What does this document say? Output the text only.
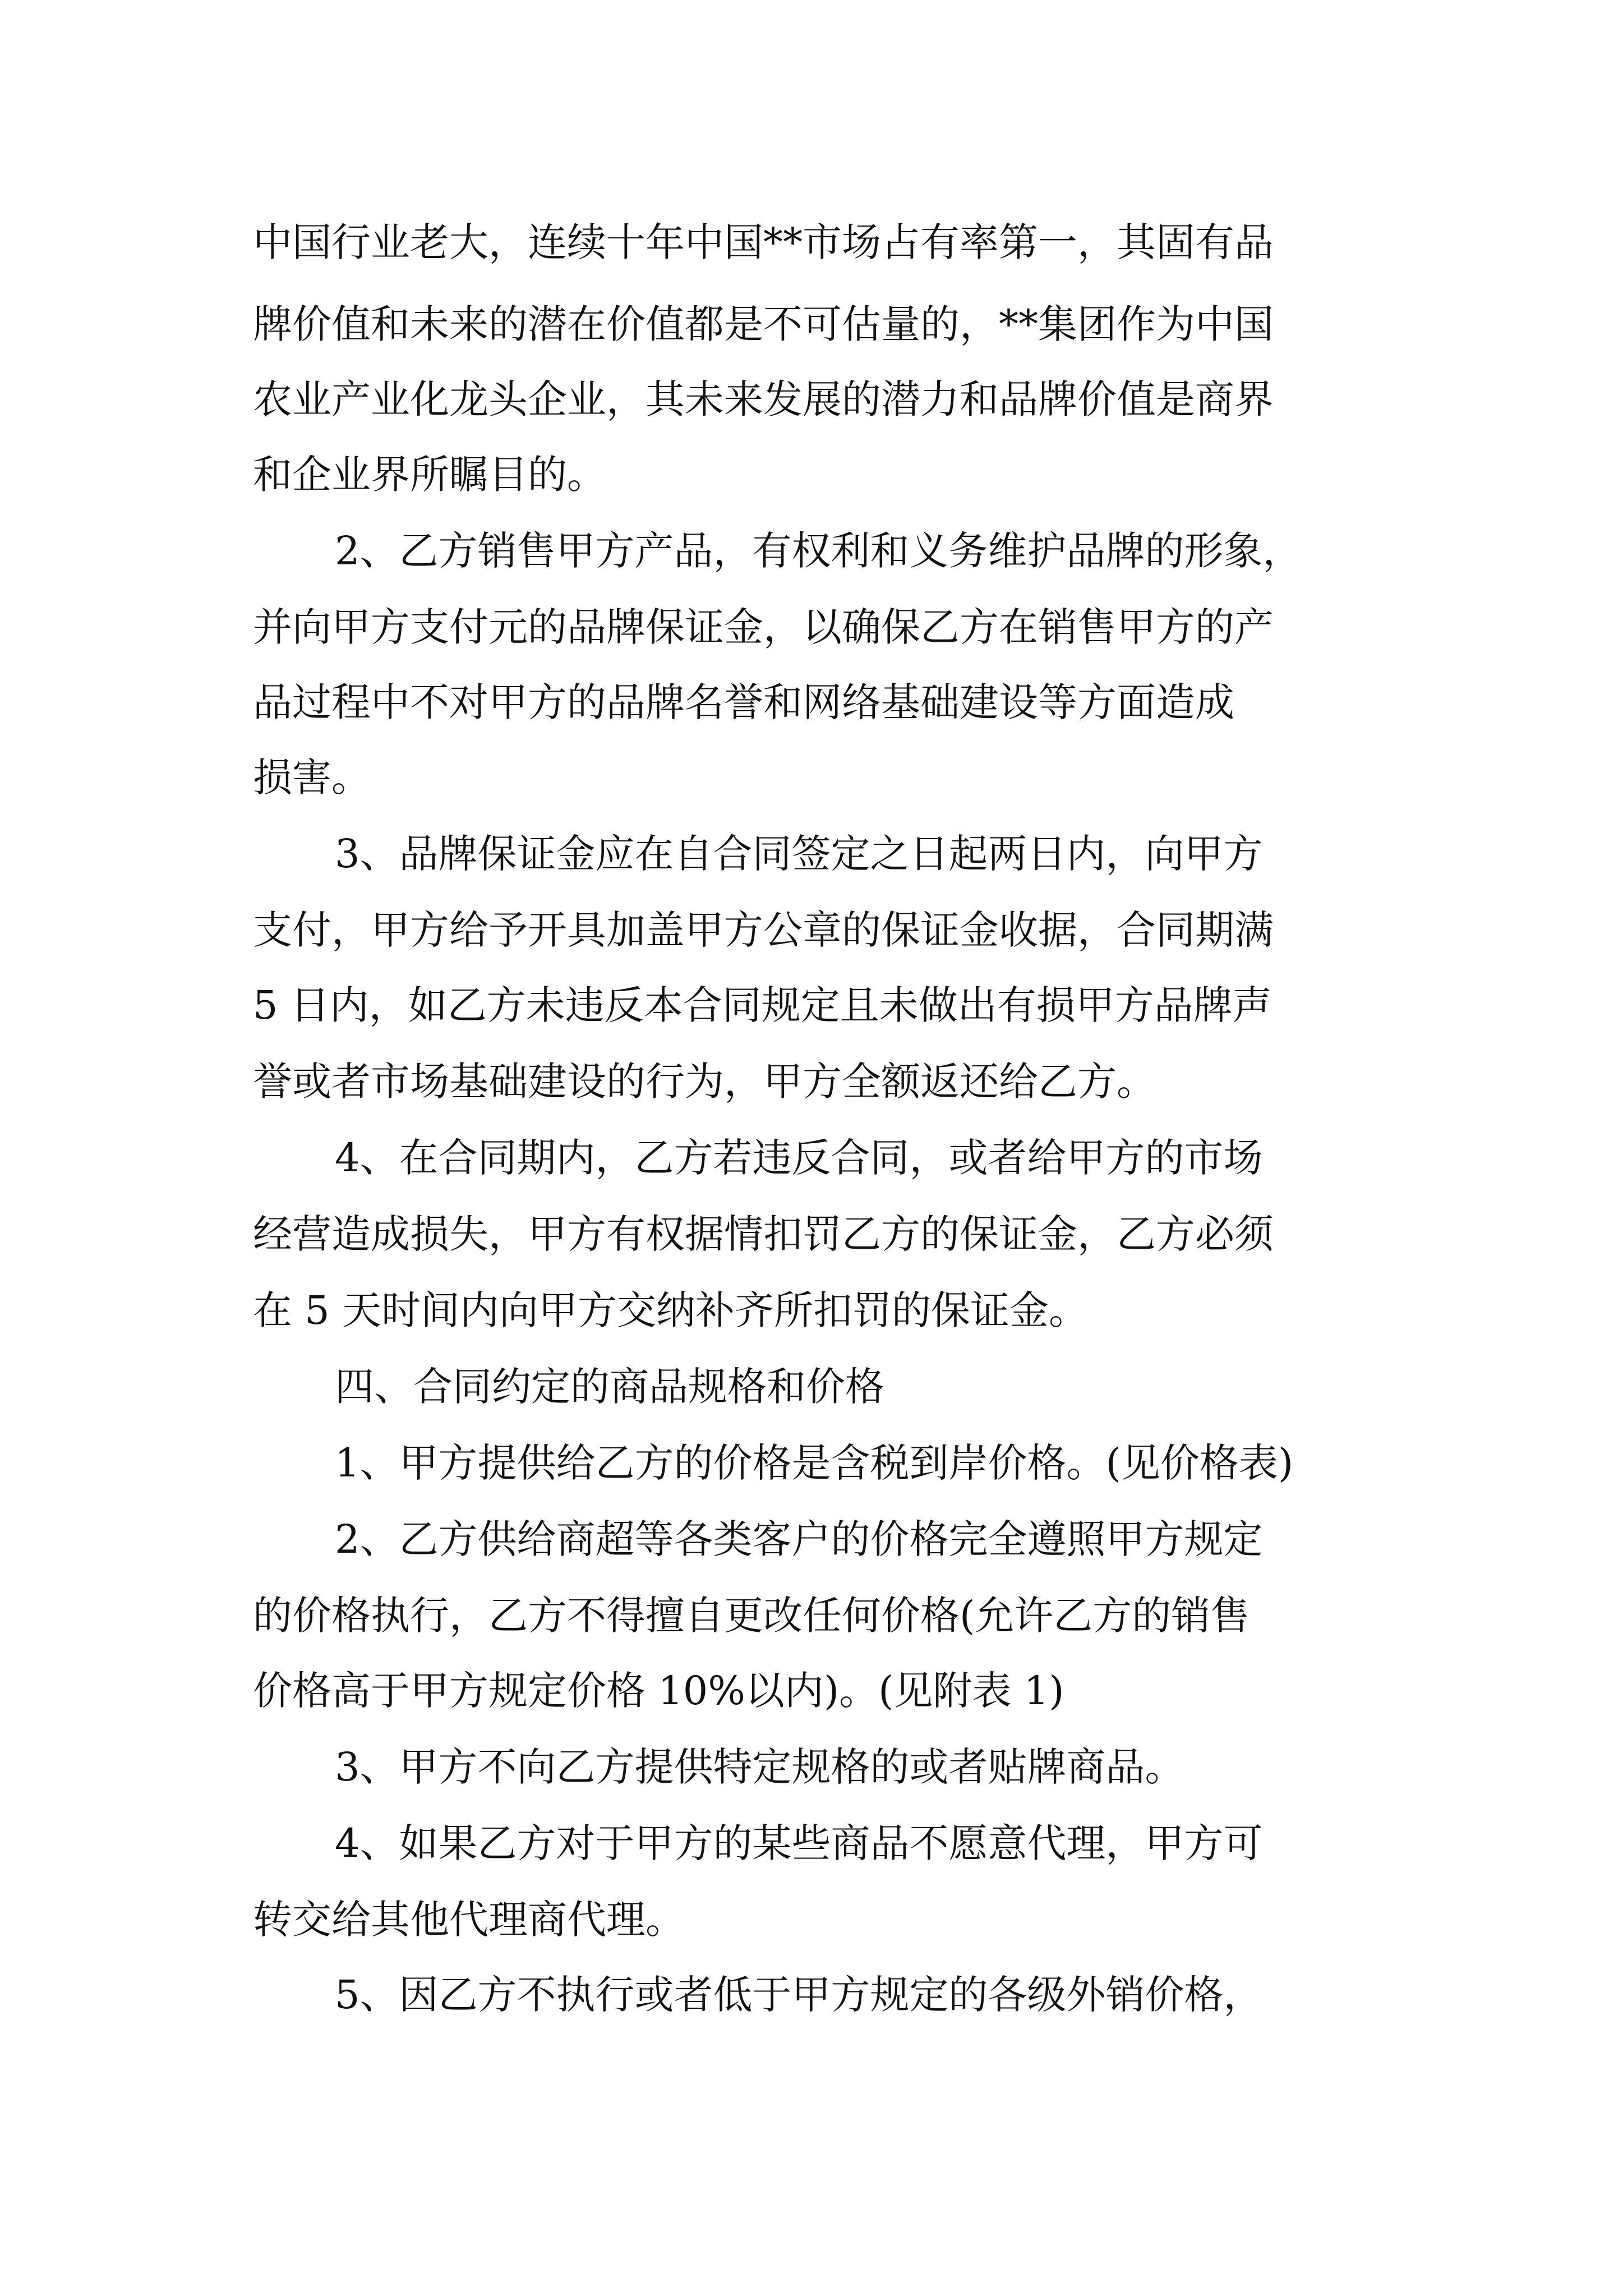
中国行业老大，连续十年中国**市场占有率第一，其固有品
牌价值和未来的潜在价值都是不可估量的，**集团作为中国
农业产业化龙头企业，其未来发展的潜力和品牌价值是商界
和企业界所瞩目的。
2、乙方销售甲方产品，有权利和义务维护品牌的形象，
并向甲方支付元的品牌保证金，以确保乙方在销售甲方的产
品过程中不对甲方的品牌名誉和网络基础建设等方面造成
损害。
3、品牌保证金应在自合同签定之日起两日内，向甲方
支付，甲方给予开具加盖甲方公章的保证金收据，合同期满
5 日内，如乙方未违反本合同规定且未做出有损甲方品牌声
誉或者市场基础建设的行为，甲方全额返还给乙方。
4、在合同期内，乙方若违反合同，或者给甲方的市场
经营造成损失，甲方有权据情扣罚乙方的保证金，乙方必须
在 5 天时间内向甲方交纳补齐所扣罚的保证金。
四、合同约定的商品规格和价格
1、甲方提供给乙方的价格是含税到岸价格。(见价格表)
2、乙方供给商超等各类客户的价格完全遵照甲方规定
的价格执行，乙方不得擅自更改任何价格(允许乙方的销售
价格高于甲方规定价格 10%以内)。(见附表 1)
3、甲方不向乙方提供特定规格的或者贴牌商品。
4、如果乙方对于甲方的某些商品不愿意代理，甲方可
转交给其他代理商代理。
5、因乙方不执行或者低于甲方规定的各级外销价格，
